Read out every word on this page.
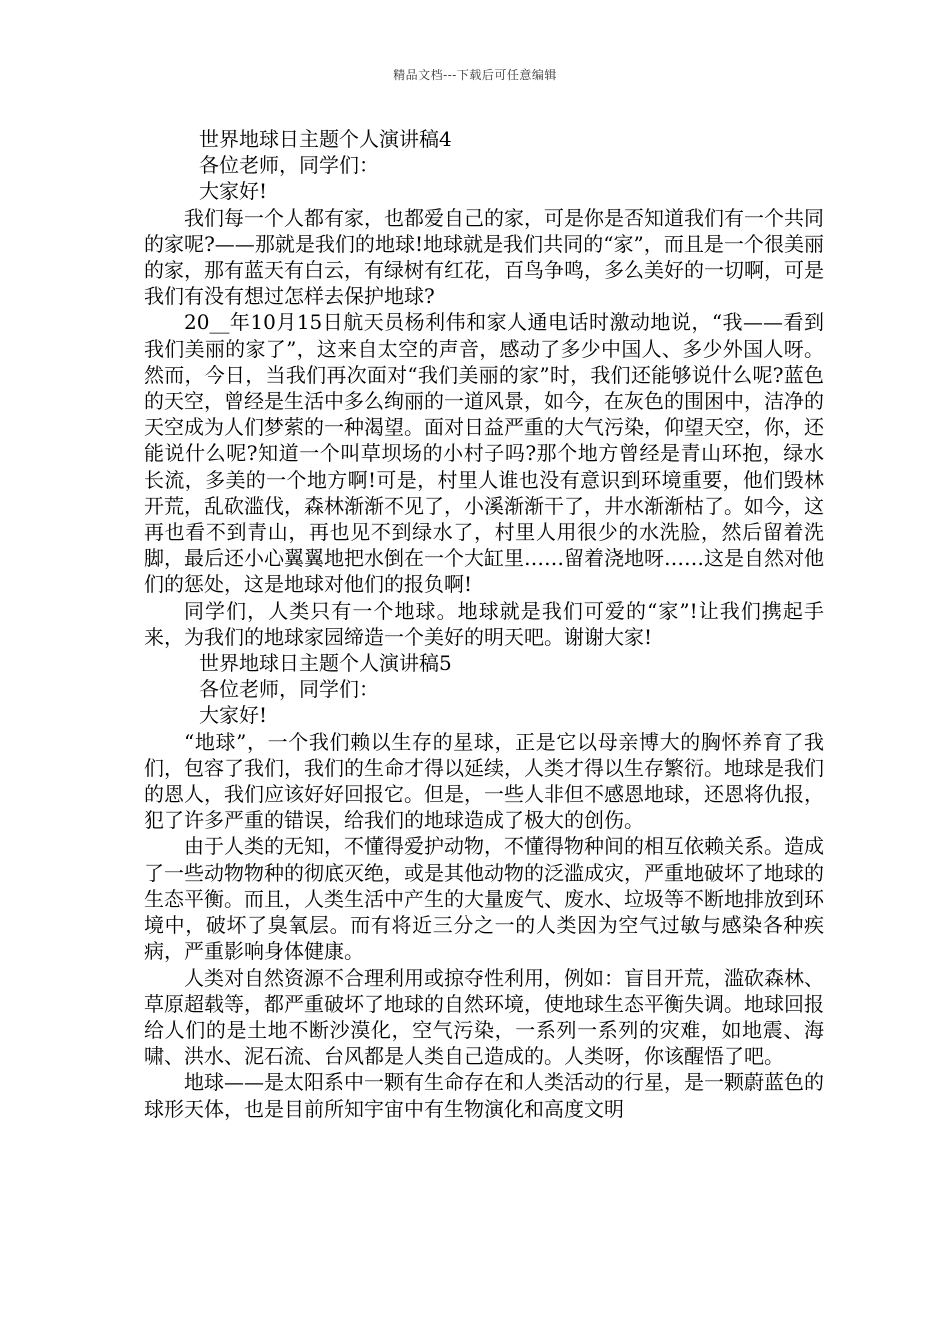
精品文档---下载后可任意编辑

世界地球日主题个人演讲稿4

各位老师，同学们：

大家好!

我们每一个人都有家，也都爱自己的家，可是你是否知道我们有一个共同的家呢?——那就是我们的地球!地球就是我们共同的“家”，而且是一个很美丽的家，那有蓝天有白云，有绿树有红花，百鸟争鸣，多么美好的一切啊，可是我们有没有想过怎样去保护地球?

20__年10月15日航天员杨利伟和家人通电话时激动地说，“我——看到我们美丽的家了”，这来自太空的声音，感动了多少中国人、多少外国人呀。然而，今日，当我们再次面对“我们美丽的家”时，我们还能够说什么呢?蓝色的天空，曾经是生活中多么绚丽的一道风景，如今，在灰色的围困中，洁净的天空成为人们梦萦的一种渴望。面对日益严重的大气污染，仰望天空，你，还能说什么呢?知道一个叫草坝场的小村子吗?那个地方曾经是青山环抱，绿水长流，多美的一个地方啊!可是，村里人谁也没有意识到环境重要，他们毁林开荒，乱砍滥伐，森林渐渐不见了，小溪渐渐干了，井水渐渐枯了。如今，这再也看不到青山，再也见不到绿水了，村里人用很少的水洗脸，然后留着洗脚，最后还小心翼翼地把水倒在一个大缸里……留着浇地呀……这是自然对他们的惩处，这是地球对他们的报负啊!

同学们，人类只有一个地球。地球就是我们可爱的“家”!让我们携起手来，为我们的地球家园缔造一个美好的明天吧。谢谢大家!

世界地球日主题个人演讲稿5

各位老师，同学们：

大家好!

“地球”，一个我们赖以生存的星球，正是它以母亲博大的胸怀养育了我们，包容了我们，我们的生命才得以延续，人类才得以生存繁衍。地球是我们的恩人，我们应该好好回报它。但是，一些人非但不感恩地球，还恩将仇报，犯了许多严重的错误，给我们的地球造成了极大的创伤。

由于人类的无知，不懂得爱护动物，不懂得物种间的相互依赖关系。造成了一些动物物种的彻底灭绝，或是其他动物的泛滥成灾，严重地破坏了地球的生态平衡。而且，人类生活中产生的大量废气、废水、垃圾等不断地排放到环境中，破坏了臭氧层。而有将近三分之一的人类因为空气过敏与感染各种疾病，严重影响身体健康。

人类对自然资源不合理利用或掠夺性利用，例如：盲目开荒，滥砍森林、草原超载等，都严重破坏了地球的自然环境，使地球生态平衡失调。地球回报给人们的是土地不断沙漠化，空气污染，一系列一系列的灾难，如地震、海啸、洪水、泥石流、台风都是人类自己造成的。人类呀，你该醒悟了吧。

地球——是太阳系中一颗有生命存在和人类活动的行星，是一颗蔚蓝色的球形天体，也是目前所知宇宙中有生物演化和高度文明
